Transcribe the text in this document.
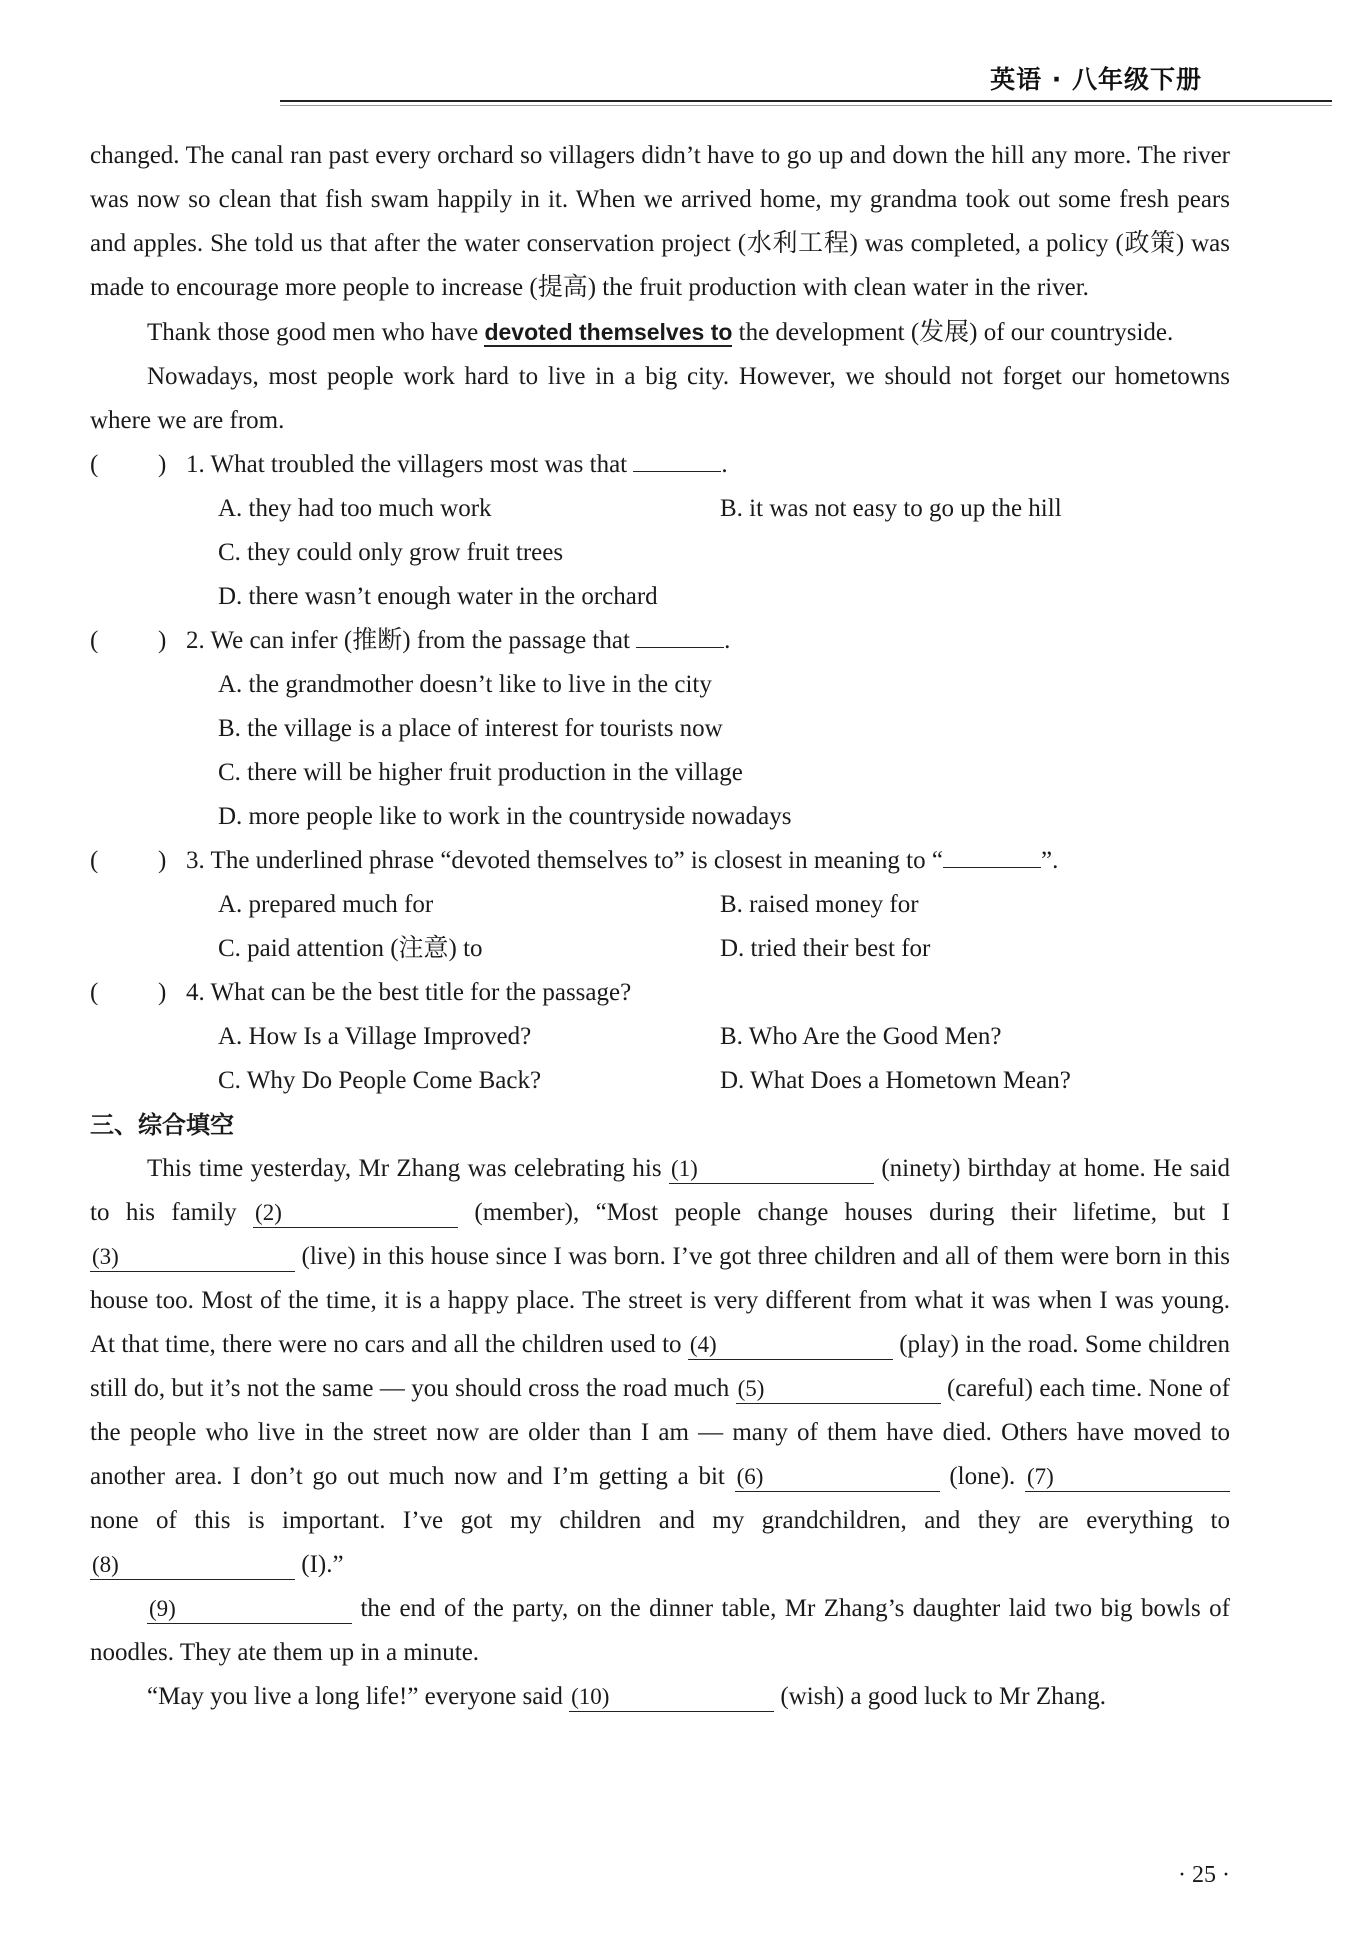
英语 · 八年级下册

changed. The canal ran past every orchard so villagers didn’t have to go up and down the hill any more. The river was now so clean that fish swam happily in it. When we arrived home, my grandma took out some fresh pears and apples. She told us that after the water conservation project (水利工程) was completed, a policy (政策) was made to encourage more people to increase (提高) the fruit production with clean water in the river.

Thank those good men who have devoted themselves to the development (发展) of our countryside.

Nowadays, most people work hard to live in a big city. However, we should not forget our hometowns where we are from.

( ) 1. What troubled the villagers most was that	.
A. they had too much work	B. it was not easy to go up the hill
C. they could only grow fruit trees
D. there wasn’t enough water in the orchard
( ) 2. We can infer (推断) from the passage that	.
A. the grandmother doesn’t like to live in the city
B. the village is a place of interest for tourists now
C. there will be higher fruit production in the village
D. more people like to work in the countryside nowadays
( ) 3. The underlined phrase “devoted themselves to” is closest in meaning to “	”.
A. prepared much for	B. raised money for
C. paid attention (注意) to	D. tried their best for
( ) 4. What can be the best title for the passage?
A. How Is a Village Improved?	B. Who Are the Good Men?
C. Why Do People Come Back?	D. What Does a Hometown Mean?
三、综合填空

This time yesterday, Mr Zhang was celebrating his (1)	(ninety) birthday at home. He said to his family (2)	(member), “Most people change houses during their lifetime, but I (3)	(live) in this house since I was born. I’ve got three children and all of them were born in this house too. Most of the time, it is a happy place. The street is very different from what it was when I was young. At that time, there were no cars and all the children used to (4)	(play) in the road. Some children still do, but it’s not the same — you should cross the road much (5)	(careful) each time. None of the people who live in the street now are older than I am — many of them have died. Others have moved to another area. I don’t go out much now and I’m getting a bit (6)	(lone). (7) none of this is important. I’ve got my children and my grandchildren, and they are everything to (8)	(I).”

(9)	the end of the party, on the dinner table, Mr Zhang’s daughter laid two big bowls of noodles. They ate them up in a minute.

“May you live a long life!” everyone said (10)	(wish) a good luck to Mr Zhang.

· 25 ·
